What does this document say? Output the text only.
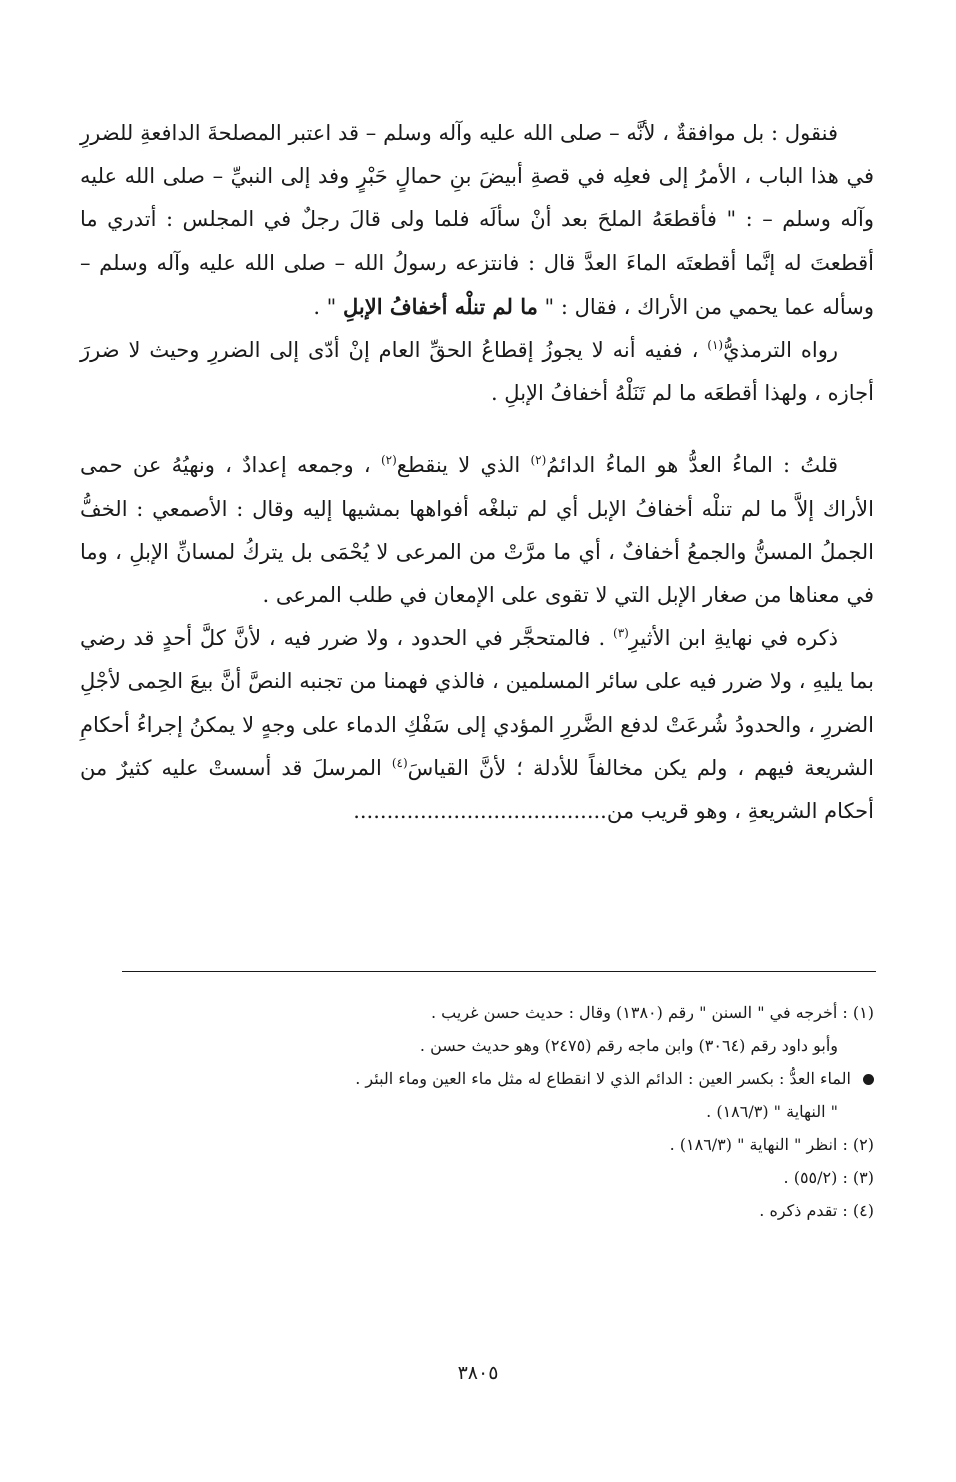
فنقول : بل موافقةٌ ، لأنَّه – صلى الله عليه وآله وسلم – قد اعتبر المصلحةَ الدافعةِ للضررِ في هذا الباب ، الأمرُ إلى فعلِه في قصةِ أبيضَ بنِ حمالٍ حَبْرٍ وفد إلى النبيِّ – صلى الله عليه وآله وسلم – : " فأقطعَهُ الملحَ بعد أنْ سألَه فلما ولى قالَ رجلٌ في المجلس : أتدري ما أقطعتَ له إنَّما أقطعتَه الماءَ العدَّ قال : فانتزعه رسولُ الله – صلى الله عليه وآله وسلم – وسأله عما يحمي من الأراك ، فقال : " ما لم تنلْه أخفافُ الإبلِ " .

رواه الترمذيُّ$^{(١)}$ ، ففيه أنه لا يجوزُ إقطاعُ الحقِّ العام إنْ أدّى إلى الضررِ وحيث لا ضررَ أجازه ، ولهذا أقطعَه ما لم تَنَلْهُ أخفافُ الإبلِ .

قلتُ : الماءُ العدُّ هو الماءُ الدائمُ$^{(٢)}$ الذي لا ينقطع$^{(٢)}$ ، وجمعه إعدادٌ ، ونهيُهُ عن حمى الأراك إلاَّ ما لم تنلْه أخفافُ الإبل أي لم تبلغْه أفواهها بمشيها إليه وقال : الأصمعي : الخفُّ الجملُ المسنُّ والجمعُ أخفافٌ ، أي ما مرَّتْ من المرعى لا يُحْمَى بل يتركُ لمسانِّ الإبلِ ، وما في معناها من صغار الإبل التي لا تقوى على الإمعان في طلب المرعى .

ذكره في نهايةِ ابن الأثيرِ$^{(٣)}$ . فالمتحجَّر في الحدود ، ولا ضرر فيه ، لأنَّ كلَّ أحدٍ قد رضي بما يليهِ ، ولا ضرر فيه على سائر المسلمين ، فالذي فهمنا من تجنبه النصَّ أنَّ بيعَ الحِمى لأجْلِ الضررِ ، والحدودُ شُرعَتْ لدفع الضَّررِ المؤدي إلى سَفْكِ الدماء على وجهٍ لا يمكنُ إجراءُ أحكامِ الشريعة فيهم ، ولم يكن مخالفاً للأدلة ؛ لأنَّ القياسَ$^{(٤)}$ المرسلَ قد أسستْ عليه كثيرٌ من أحكام الشريعةِ ، وهو قريب من......................................

(١) : أخرجه في " السنن " رقم (١٣٨٠) وقال : حديث حسن غريب .
وأبو داود رقم (٣٠٦٤) وابن ماجه رقم (٢٤٧٥) وهو حديث حسن .
الماء العدُّ : بكسر العين : الدائم الذي لا انقطاع له مثل ماء العين وماء البئر .
" النهاية " (١٨٦/٣) .
(٢) : انظر " النهاية " (١٨٦/٣) .
(٣) : (٥٥/٢) .
(٤) : تقدم ذكره .
٣٨٠٥
